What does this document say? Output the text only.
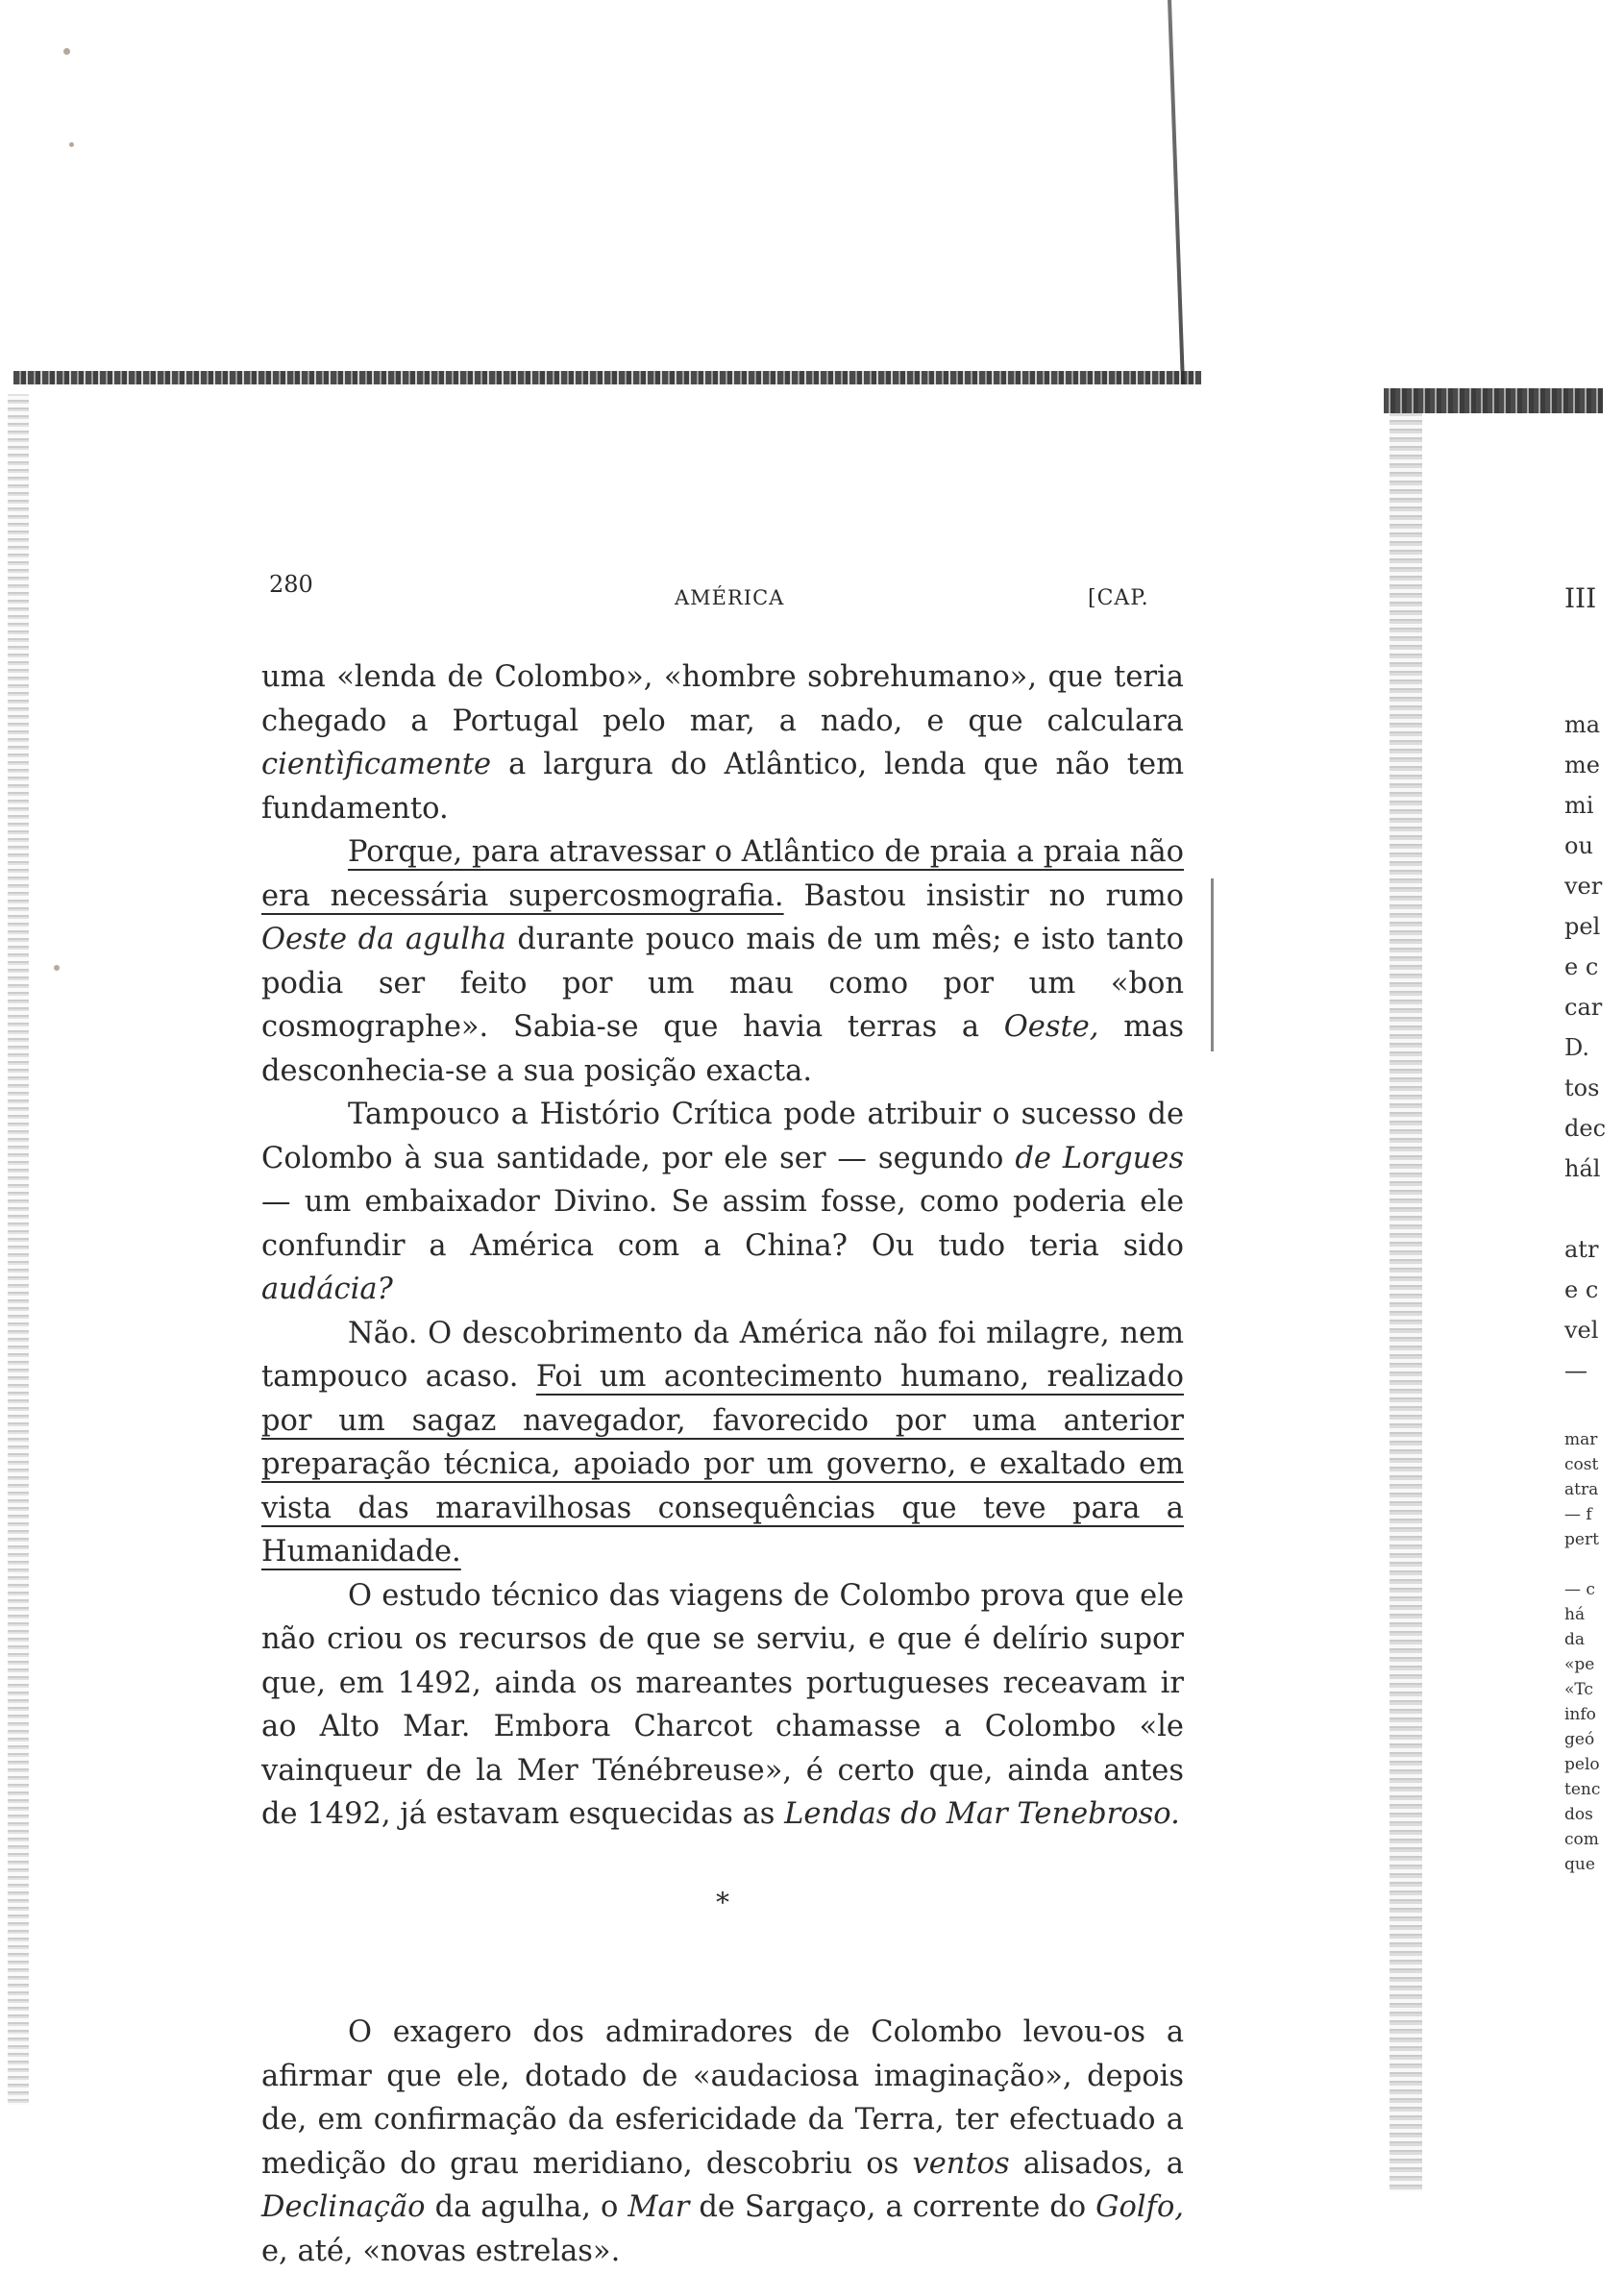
280	AMÉRICA	[CAP.

uma «lenda de Colombo», «hombre sobrehumano», que teria chegado a Portugal pelo mar, a nado, e que calculara cientìficamente a largura do Atlântico, lenda que não tem fundamento.

Porque, para atravessar o Atlântico de praia a praia não era necessária supercosmografia. Bastou insistir no rumo Oeste da agulha durante pouco mais de um mês; e isto tanto podia ser feito por um mau como por um «bon cosmographe». Sabia-se que havia terras a Oeste, mas desconhecia-se a sua posição exacta.

Tampouco a Histório Crítica pode atribuir o sucesso de Colombo à sua santidade, por ele ser — segundo de Lorgues — um embaixador Divino. Se assim fosse, como poderia ele confundir a América com a China? Ou tudo teria sido audácia?

Não. O descobrimento da América não foi milagre, nem tampouco acaso. Foi um acontecimento humano, realizado por um sagaz navegador, favorecido por uma anterior preparação técnica, apoiado por um governo, e exaltado em vista das maravilhosas consequências que teve para a Humanidade.

O estudo técnico das viagens de Colombo prova que ele não criou os recursos de que se serviu, e que é delírio supor que, em 1492, ainda os mareantes portugueses receavam ir ao Alto Mar. Embora Charcot chamasse a Colombo «le vainqueur de la Mer Ténébreuse», é certo que, ainda antes de 1492, já estavam esquecidas as Lendas do Mar Tenebroso.

*

O exagero dos admiradores de Colombo levou-os a afirmar que ele, dotado de «audaciosa imaginação», depois de, em confirmação da esfericidade da Terra, ter efectuado a medição do grau meridiano, descobriu os ventos alisados, a Declinação da agulha, o Mar de Sargaço, a corrente do Golfo, e, até, «novas estrelas».

III
ma
me
mi
ou
ver
pel
e c
car
D.
tos
dec
hál
atr
e c
vel
—
mar
cost
atra
— f
pert
— c
há
da
«pe
«Tc
info
geó
pelo
tenc
dos
com
que
